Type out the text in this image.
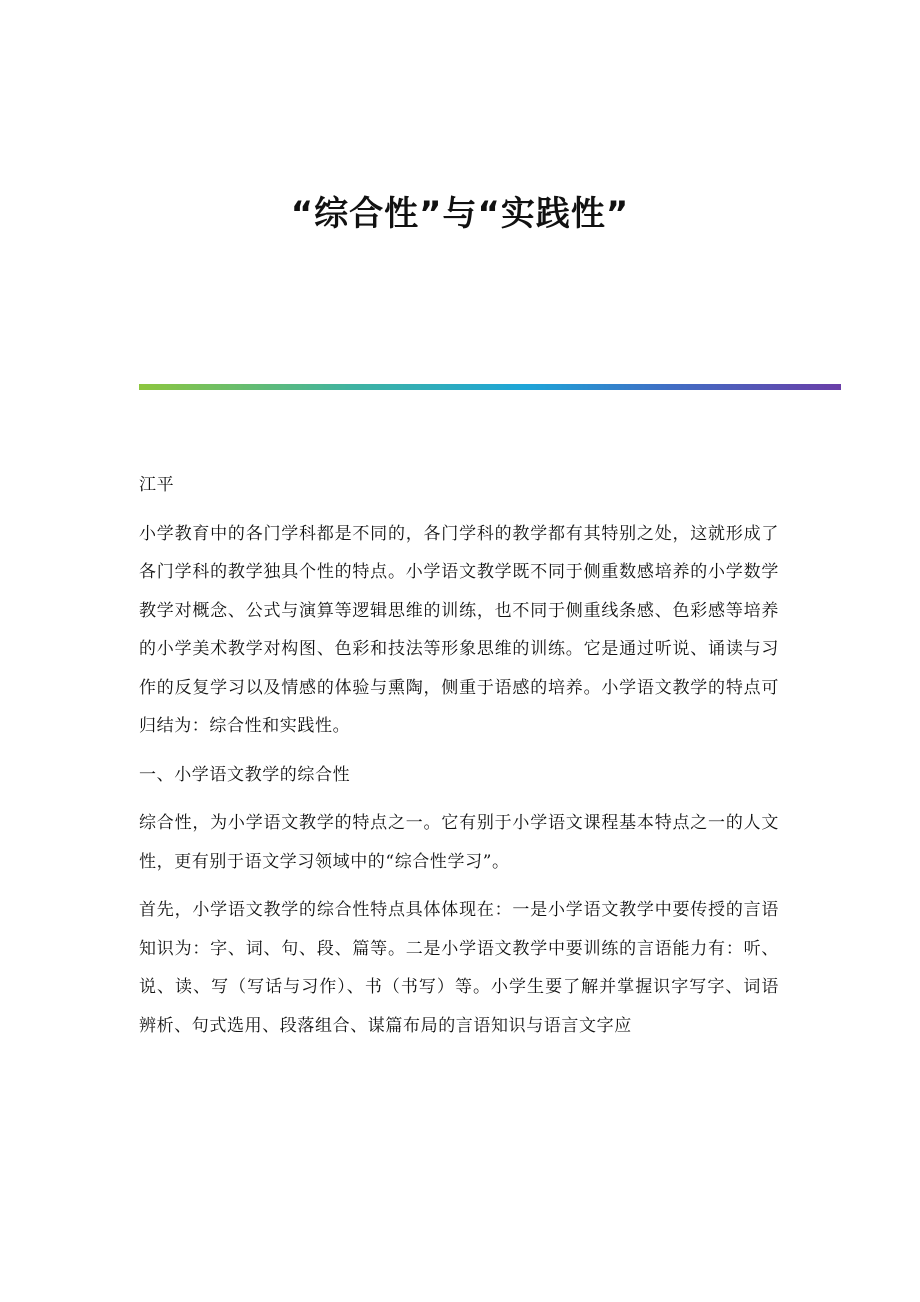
“综合性”与“实践性”

江平

小学教育中的各门学科都是不同的，各门学科的教学都有其特别之处，这就形成了各门学科的教学独具个性的特点。小学语文教学既不同于侧重数感培养的小学数学教学对概念、公式与演算等逻辑思维的训练，也不同于侧重线条感、色彩感等培养的小学美术教学对构图、色彩和技法等形象思维的训练。它是通过听说、诵读与习作的反复学习以及情感的体验与熏陶，侧重于语感的培养。小学语文教学的特点可归结为：综合性和实践性。

一、小学语文教学的综合性

综合性，为小学语文教学的特点之一。它有别于小学语文课程基本特点之一的人文性，更有别于语文学习领域中的“综合性学习”。

首先，小学语文教学的综合性特点具体体现在：一是小学语文教学中要传授的言语知识为：字、词、句、段、篇等。二是小学语文教学中要训练的言语能力有：听、说、读、写（写话与习作）、书（书写）等。小学生要了解并掌握识字写字、词语辨析、句式选用、段落组合、谋篇布局的言语知识与语言文字应
